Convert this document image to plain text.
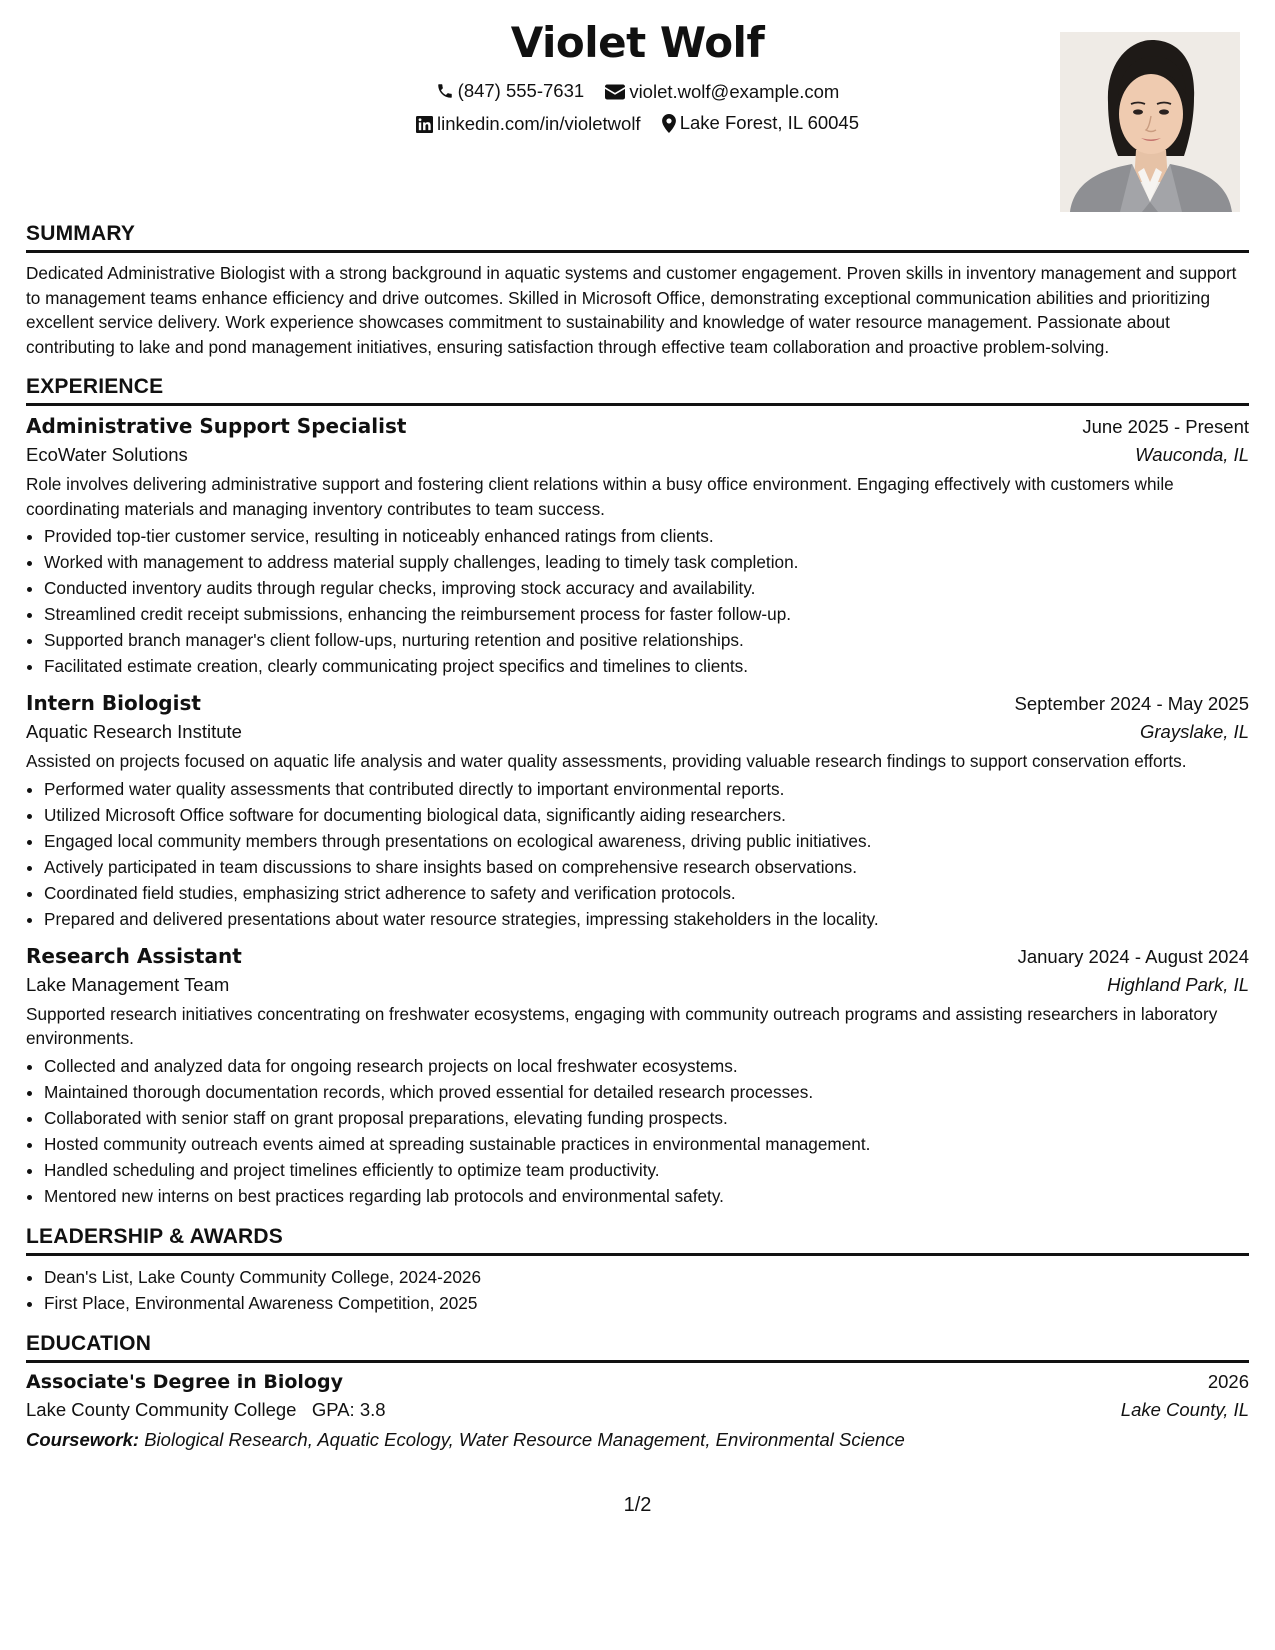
Violet Wolf
(847) 555-7631
violet.wolf@example.com
linkedin.com/in/violetwolf
Lake Forest, IL 60045
SUMMARY

Dedicated Administrative Biologist with a strong background in aquatic systems and customer engagement. Proven skills in inventory management and support to management teams enhance efficiency and drive outcomes. Skilled in Microsoft Office, demonstrating exceptional communication abilities and prioritizing excellent service delivery. Work experience showcases commitment to sustainability and knowledge of water resource management. Passionate about contributing to lake and pond management initiatives, ensuring satisfaction through effective team collaboration and proactive problem-solving.

EXPERIENCE
Administrative Support Specialist	June 2025 - Present
EcoWater Solutions	Wauconda, IL

Role involves delivering administrative support and fostering client relations within a busy office environment. Engaging effectively with customers while coordinating materials and managing inventory contributes to team success.

• Provided top-tier customer service, resulting in noticeably enhanced ratings from clients.
• Worked with management to address material supply challenges, leading to timely task completion.
• Conducted inventory audits through regular checks, improving stock accuracy and availability.
• Streamlined credit receipt submissions, enhancing the reimbursement process for faster follow-up.
• Supported branch manager's client follow-ups, nurturing retention and positive relationships.
• Facilitated estimate creation, clearly communicating project specifics and timelines to clients.
Intern Biologist	September 2024 - May 2025
Aquatic Research Institute	Grayslake, IL

Assisted on projects focused on aquatic life analysis and water quality assessments, providing valuable research findings to support conservation efforts.

• Performed water quality assessments that contributed directly to important environmental reports.
• Utilized Microsoft Office software for documenting biological data, significantly aiding researchers.
• Engaged local community members through presentations on ecological awareness, driving public initiatives.
• Actively participated in team discussions to share insights based on comprehensive research observations.
• Coordinated field studies, emphasizing strict adherence to safety and verification protocols.
• Prepared and delivered presentations about water resource strategies, impressing stakeholders in the locality.
Research Assistant	January 2024 - August 2024
Lake Management Team	Highland Park, IL

Supported research initiatives concentrating on freshwater ecosystems, engaging with community outreach programs and assisting researchers in laboratory environments.

• Collected and analyzed data for ongoing research projects on local freshwater ecosystems.
• Maintained thorough documentation records, which proved essential for detailed research processes.
• Collaborated with senior staff on grant proposal preparations, elevating funding prospects.
• Hosted community outreach events aimed at spreading sustainable practices in environmental management.
• Handled scheduling and project timelines efficiently to optimize team productivity.
• Mentored new interns on best practices regarding lab protocols and environmental safety.
LEADERSHIP & AWARDS
• Dean's List, Lake County Community College, 2024-2026
• First Place, Environmental Awareness Competition, 2025
EDUCATION
Associate's Degree in Biology	2026
Lake County Community College GPA: 3.8	Lake County, IL
Coursework: Biological Research, Aquatic Ecology, Water Resource Management, Environmental Science
1/2
